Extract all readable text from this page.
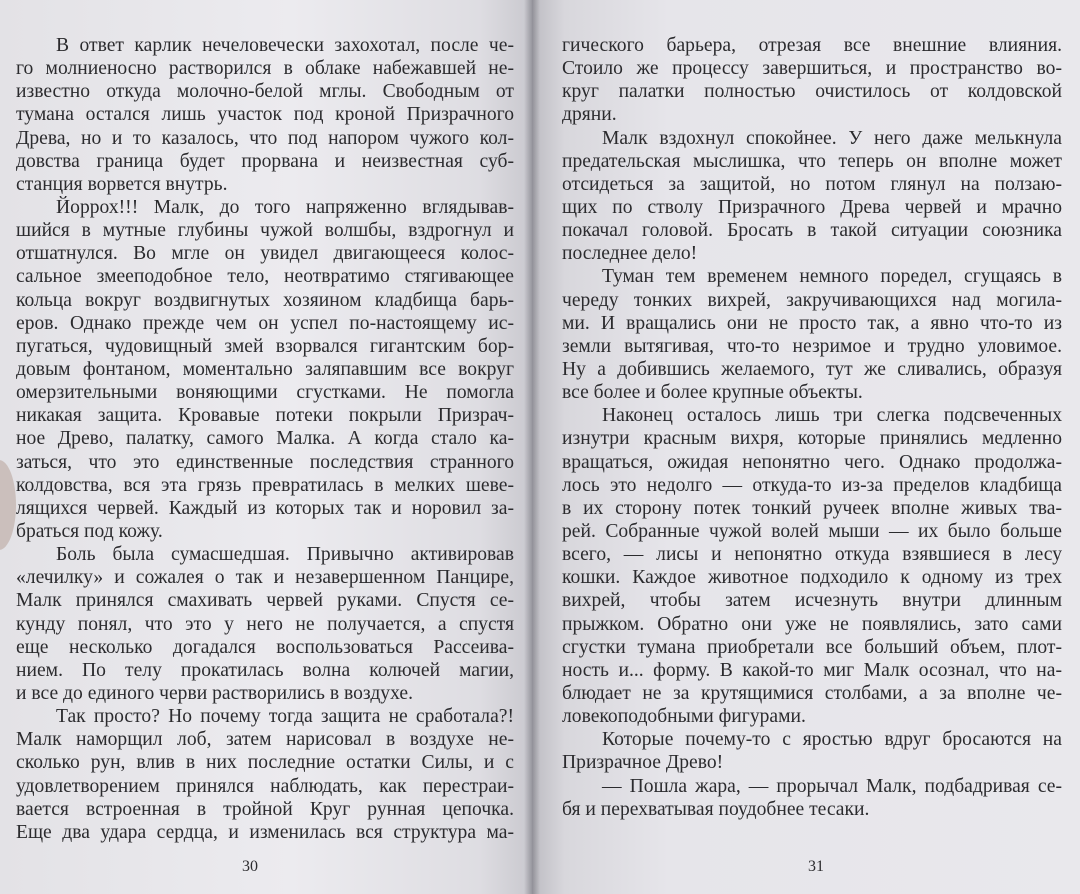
В ответ карлик нечеловечески захохотал, после че-
го молниеносно растворился в облаке набежавшей не-
известно откуда молочно-белой мглы. Свободным от
тумана остался лишь участок под кроной Призрачного
Древа, но и то казалось, что под напором чужого кол-
довства граница будет прорвана и неизвестная суб-
станция ворвется внутрь.
Йоррох!!! Малк, до того напряженно вглядывав-
шийся в мутные глубины чужой волшбы, вздрогнул и
отшатнулся. Во мгле он увидел двигающееся колос-
сальное змееподобное тело, неотвратимо стягивающее
кольца вокруг воздвигнутых хозяином кладбища барь-
еров. Однако прежде чем он успел по-настоящему ис-
пугаться, чудовищный змей взорвался гигантским бор-
довым фонтаном, моментально заляпавшим все вокруг
омерзительными воняющими сгустками. Не помогла
никакая защита. Кровавые потеки покрыли Призрач-
ное Древо, палатку, самого Малка. А когда стало ка-
заться, что это единственные последствия странного
колдовства, вся эта грязь превратилась в мелких шеве-
лящихся червей. Каждый из которых так и норовил за-
браться под кожу.
Боль была сумасшедшая. Привычно активировав
«лечилку» и сожалея о так и незавершенном Панцире,
Малк принялся смахивать червей руками. Спустя се-
кунду понял, что это у него не получается, а спустя
еще несколько догадался воспользоваться Рассеива-
нием. По телу прокатилась волна колючей магии,
и все до единого черви растворились в воздухе.
Так просто? Но почему тогда защита не сработала?!
Малк наморщил лоб, затем нарисовал в воздухе не-
сколько рун, влив в них последние остатки Силы, и с
удовлетворением принялся наблюдать, как перестраи-
вается встроенная в тройной Круг рунная цепочка.
Еще два удара сердца, и изменилась вся структура ма-
30
гического барьера, отрезая все внешние влияния.
Стоило же процессу завершиться, и пространство во-
круг палатки полностью очистилось от колдовской
дряни.
Малк вздохнул спокойнее. У него даже мелькнула
предательская мыслишка, что теперь он вполне может
отсидеться за защитой, но потом глянул на ползаю-
щих по стволу Призрачного Древа червей и мрачно
покачал головой. Бросать в такой ситуации союзника
последнее дело!
Туман тем временем немного поредел, сгущаясь в
череду тонких вихрей, закручивающихся над могила-
ми. И вращались они не просто так, а явно что-то из
земли вытягивая, что-то незримое и трудно уловимое.
Ну а добившись желаемого, тут же сливались, образуя
все более и более крупные объекты.
Наконец осталось лишь три слегка подсвеченных
изнутри красным вихря, которые принялись медленно
вращаться, ожидая непонятно чего. Однако продолжа-
лось это недолго — откуда-то из-за пределов кладбища
в их сторону потек тонкий ручеек вполне живых тва-
рей. Собранные чужой волей мыши — их было больше
всего, — лисы и непонятно откуда взявшиеся в лесу
кошки. Каждое животное подходило к одному из трех
вихрей, чтобы затем исчезнуть внутри длинным
прыжком. Обратно они уже не появлялись, зато сами
сгустки тумана приобретали все больший объем, плот-
ность и... форму. В какой-то миг Малк осознал, что на-
блюдает не за крутящимися столбами, а за вполне че-
ловекоподобными фигурами.
Которые почему-то с яростью вдруг бросаются на
Призрачное Древо!
— Пошла жара, — прорычал Малк, подбадривая се-
бя и перехватывая поудобнее тесаки.
31
